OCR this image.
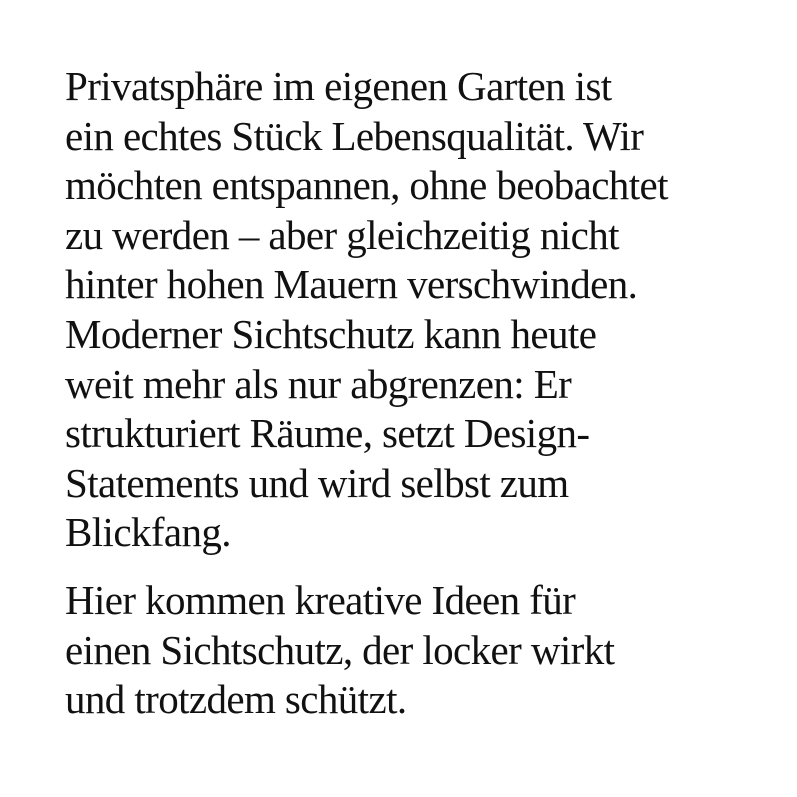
Privatsphäre im eigenen Garten ist
ein echtes Stück Lebensqualität. Wir
möchten entspannen, ohne beobachtet
zu werden – aber gleichzeitig nicht
hinter hohen Mauern verschwinden.
Moderner Sichtschutz kann heute
weit mehr als nur abgrenzen: Er
strukturiert Räume, setzt Design-
Statements und wird selbst zum
Blickfang.

Hier kommen kreative Ideen für
einen Sichtschutz, der locker wirkt
und trotzdem schützt.
